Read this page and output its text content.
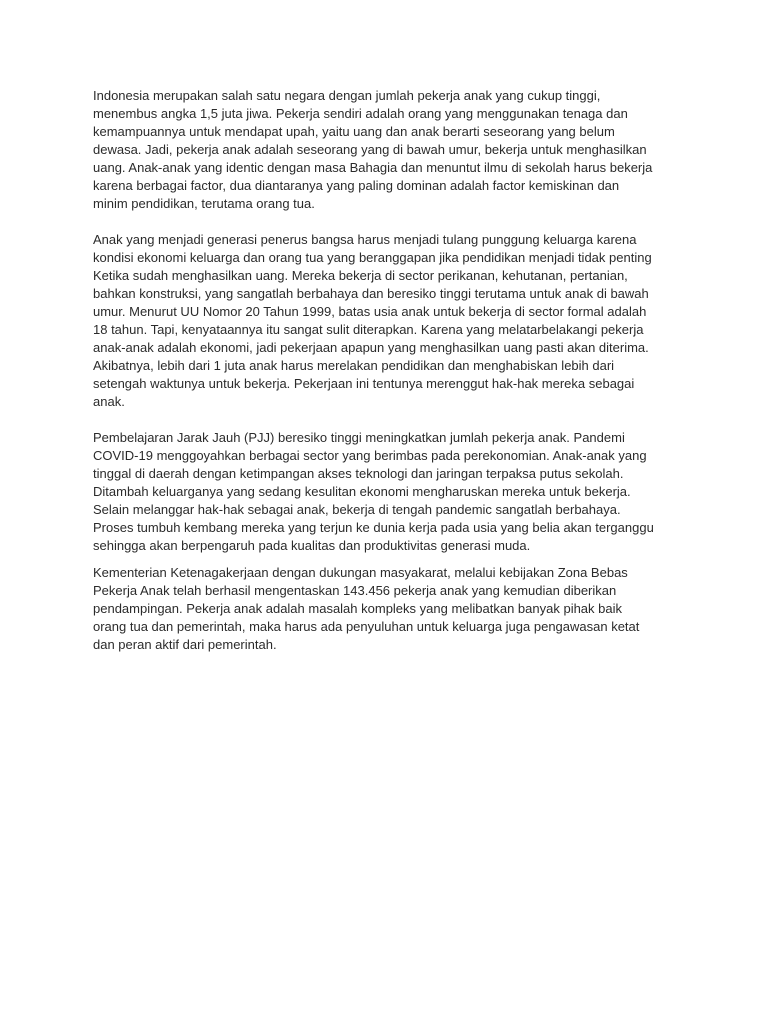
Indonesia merupakan salah satu negara dengan jumlah pekerja anak yang cukup tinggi,
menembus angka 1,5 juta jiwa. Pekerja sendiri adalah orang yang menggunakan tenaga dan
kemampuannya untuk mendapat upah, yaitu uang dan anak berarti seseorang yang belum
dewasa. Jadi, pekerja anak adalah seseorang yang di bawah umur, bekerja untuk menghasilkan
uang. Anak-anak yang identic dengan masa Bahagia dan menuntut ilmu di sekolah harus bekerja
karena berbagai factor, dua diantaranya yang paling dominan adalah factor kemiskinan dan
minim pendidikan, terutama orang tua.

Anak yang menjadi generasi penerus bangsa harus menjadi tulang punggung keluarga karena
kondisi ekonomi keluarga dan orang tua yang beranggapan jika pendidikan menjadi tidak penting
Ketika sudah menghasilkan uang. Mereka bekerja di sector perikanan, kehutanan, pertanian,
bahkan konstruksi, yang sangatlah berbahaya dan beresiko tinggi terutama untuk anak di bawah
umur. Menurut UU Nomor 20 Tahun 1999, batas usia anak untuk bekerja di sector formal adalah
18 tahun. Tapi, kenyataannya itu sangat sulit diterapkan. Karena yang melatarbelakangi pekerja
anak-anak adalah ekonomi, jadi pekerjaan apapun yang menghasilkan uang pasti akan diterima.
Akibatnya, lebih dari 1 juta anak harus merelakan pendidikan dan menghabiskan lebih dari
setengah waktunya untuk bekerja. Pekerjaan ini tentunya merenggut hak-hak mereka sebagai
anak.

Pembelajaran Jarak Jauh (PJJ) beresiko tinggi meningkatkan jumlah pekerja anak. Pandemi
COVID-19 menggoyahkan berbagai sector yang berimbas pada perekonomian. Anak-anak yang
tinggal di daerah dengan ketimpangan akses teknologi dan jaringan terpaksa putus sekolah.
Ditambah keluarganya yang sedang kesulitan ekonomi mengharuskan mereka untuk bekerja.
Selain melanggar hak-hak sebagai anak, bekerja di tengah pandemic sangatlah berbahaya.
Proses tumbuh kembang mereka yang terjun ke dunia kerja pada usia yang belia akan terganggu
sehingga akan berpengaruh pada kualitas dan produktivitas generasi muda.

Kementerian Ketenagakerjaan dengan dukungan masyakarat, melalui kebijakan Zona Bebas
Pekerja Anak telah berhasil mengentaskan 143.456 pekerja anak yang kemudian diberikan
pendampingan. Pekerja anak adalah masalah kompleks yang melibatkan banyak pihak baik
orang tua dan pemerintah, maka harus ada penyuluhan untuk keluarga juga pengawasan ketat
dan peran aktif dari pemerintah.
